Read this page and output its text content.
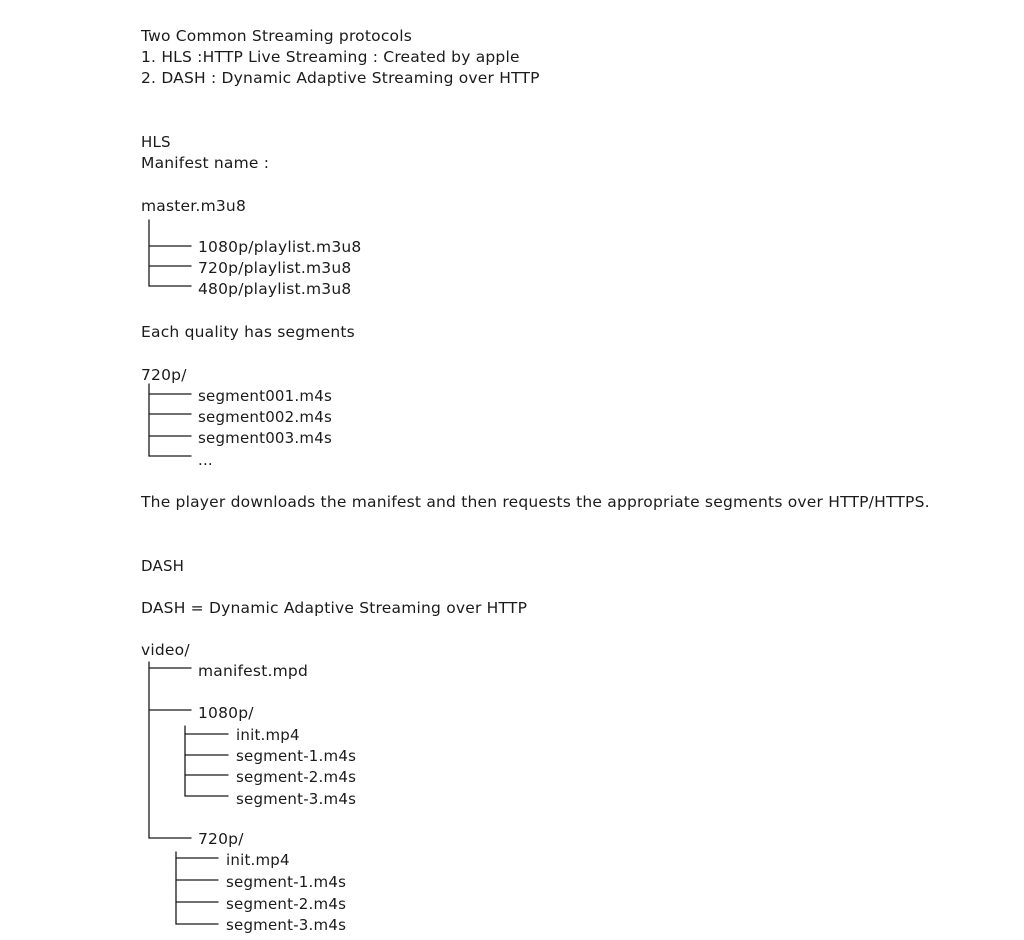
Two Common Streaming protocols
1. HLS :HTTP Live Streaming : Created by apple
2. DASH : Dynamic Adaptive Streaming over HTTP
HLS
Manifest name :
master.m3u8
1080p/playlist.m3u8
720p/playlist.m3u8
480p/playlist.m3u8
Each quality has segments
720p/
segment001.m4s
segment002.m4s
segment003.m4s
...
The player downloads the manifest and then requests the appropriate segments over HTTP/HTTPS.
DASH
DASH = Dynamic Adaptive Streaming over HTTP
video/
manifest.mpd
1080p/
init.mp4
segment-1.m4s
segment-2.m4s
segment-3.m4s
720p/
init.mp4
segment-1.m4s
segment-2.m4s
segment-3.m4s
